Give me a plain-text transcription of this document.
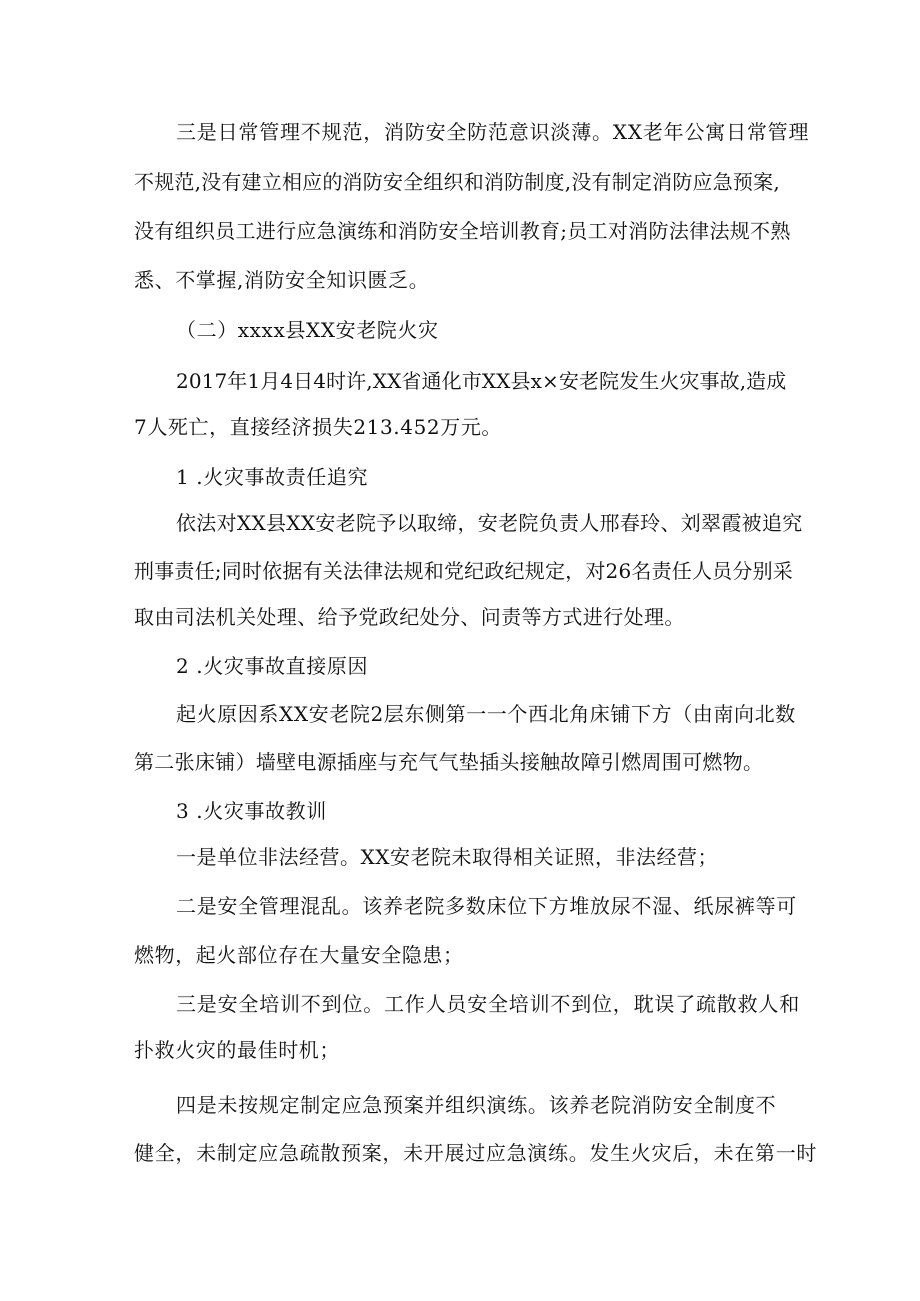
三是日常管理不规范，消防安全防范意识淡薄。XX老年公寓日常管理

不规范,没有建立相应的消防安全组织和消防制度,没有制定消防应急预案,

没有组织员工进行应急演练和消防安全培训教育;员工对消防法律法规不熟

悉、不掌握,消防安全知识匮乏。

（二）xxxx县XX安老院火灾

2017年1月4日4时许,XX省通化市XX县x×安老院发生火灾事故,造成

7人死亡，直接经济损失213.452万元。

1 .火灾事故责任追究

依法对XX县XX安老院予以取缔，安老院负责人邢春玲、刘翠霞被追究

刑事责任;同时依据有关法律法规和党纪政纪规定，对26名责任人员分别采

取由司法机关处理、给予党政纪处分、问责等方式进行处理。

2 .火灾事故直接原因

起火原因系XX安老院2层东侧第一一个西北角床铺下方（由南向北数

第二张床铺）墙壁电源插座与充气气垫插头接触故障引燃周围可燃物。

3 .火灾事故教训

一是单位非法经营。XX安老院未取得相关证照，非法经营；

二是安全管理混乱。该养老院多数床位下方堆放尿不湿、纸尿裤等可

燃物，起火部位存在大量安全隐患；

三是安全培训不到位。工作人员安全培训不到位，耽误了疏散救人和

扑救火灾的最佳时机；

四是未按规定制定应急预案并组织演练。该养老院消防安全制度不

健全，未制定应急疏散预案，未开展过应急演练。发生火灾后，未在第一时
